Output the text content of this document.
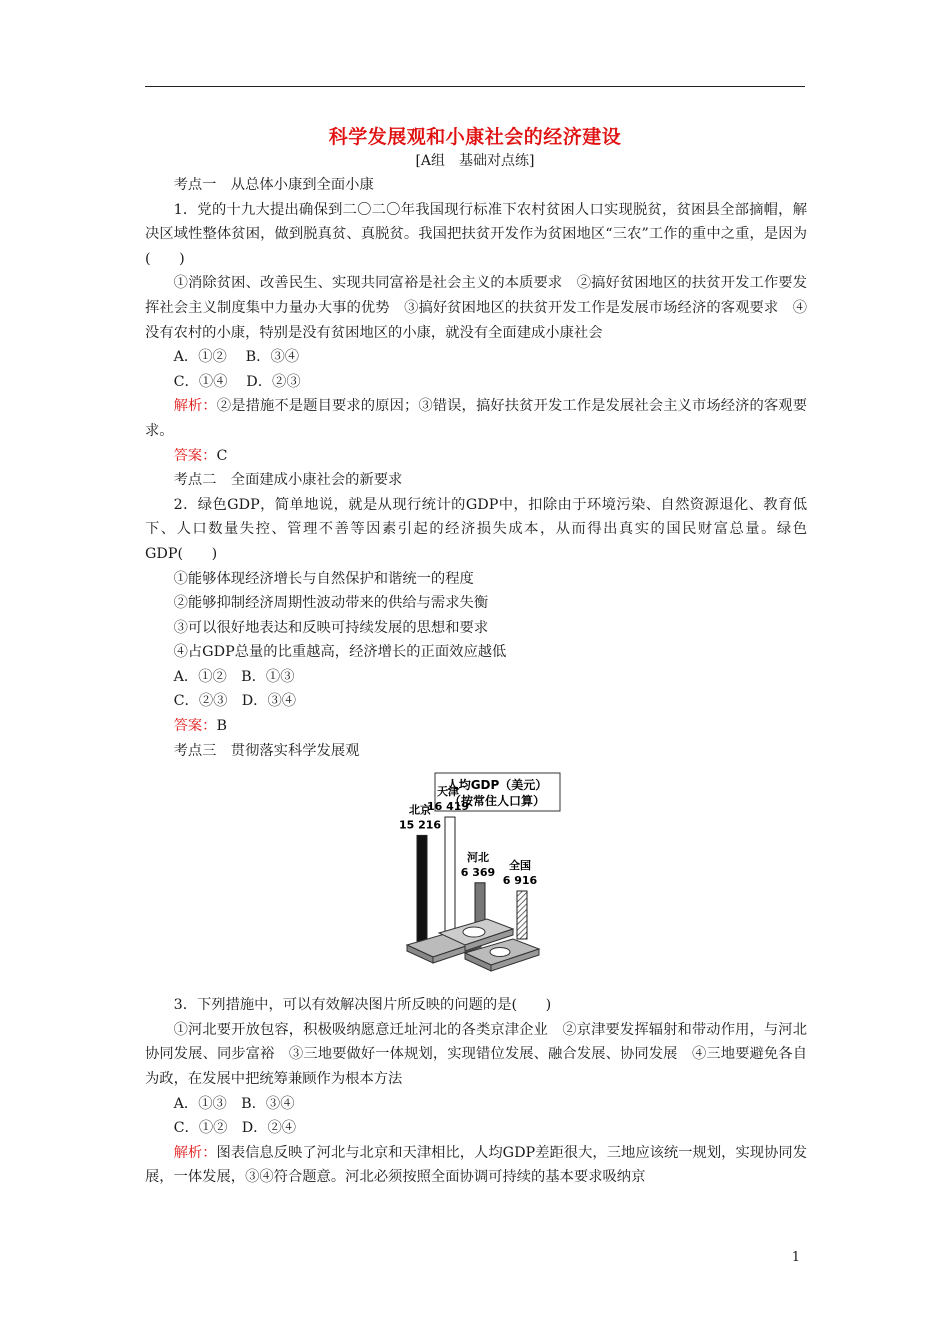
科学发展观和小康社会的经济建设
[A组　基础对点练]

考点一　从总体小康到全面小康

1．党的十九大提出确保到二〇二〇年我国现行标准下农村贫困人口实现脱贫，贫困县全部摘帽，解决区域性整体贫困，做到脱真贫、真脱贫。我国把扶贫开发作为贫困地区“三农”工作的重中之重，是因为(　　)

①消除贫困、改善民生、实现共同富裕是社会主义的本质要求　②搞好贫困地区的扶贫开发工作要发挥社会主义制度集中力量办大事的优势　③搞好贫困地区的扶贫开发工作是发展市场经济的客观要求　④没有农村的小康，特别是没有贫困地区的小康，就没有全面建成小康社会

A．①②　 B．③④

C．①④　 D．②③

解析：②是措施不是题目要求的原因；③错误，搞好扶贫开发工作是发展社会主义市场经济的客观要求。

答案：C

考点二　全面建成小康社会的新要求

2．绿色GDP，简单地说，就是从现行统计的GDP中，扣除由于环境污染、自然资源退化、教育低下、人口数量失控、管理不善等因素引起的经济损失成本，从而得出真实的国民财富总量。绿色GDP(　　)

①能够体现经济增长与自然保护和谐统一的程度

②能够抑制经济周期性波动带来的供给与需求失衡

③可以很好地表达和反映可持续发展的思想和要求

④占GDP总量的比重越高，经济增长的正面效应越低

A．①②　B．①③

C．②③　D．③④

答案：B

考点三　贯彻落实科学发展观

人均GDP（美元）
（按常住人口算）
北京
15 216
天津
16 419
河北
6 369
全国
6 916

3．下列措施中，可以有效解决图片所反映的问题的是(　　)

①河北要开放包容，积极吸纳愿意迁址河北的各类京津企业　②京津要发挥辐射和带动作用，与河北协同发展、同步富裕　③三地要做好一体规划，实现错位发展、融合发展、协同发展　④三地要避免各自为政，在发展中把统筹兼顾作为根本方法

A．①③　B．③④

C．①②　D．②④

解析：图表信息反映了河北与北京和天津相比，人均GDP差距很大，三地应该统一规划，实现协同发展，一体发展，③④符合题意。河北必须按照全面协调可持续的基本要求吸纳京

1
